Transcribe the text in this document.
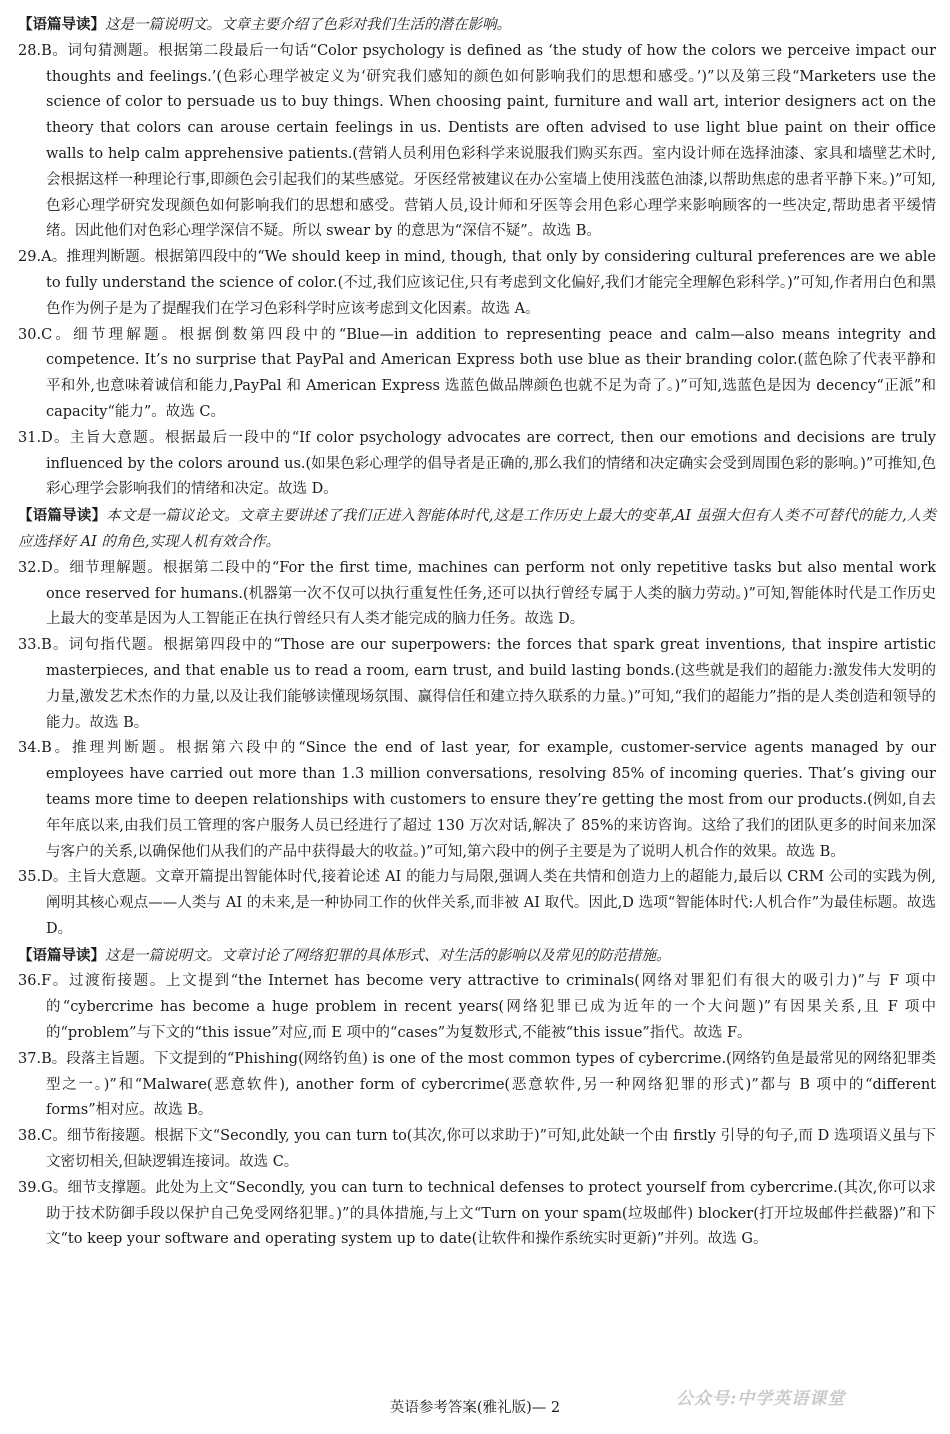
【语篇导读】这是一篇说明文。文章主要介绍了色彩对我们生活的潜在影响。

28.B。词句猜测题。根据第二段最后一句话“Color psychology is defined as ‘the study of how the colors we perceive impact our thoughts and feelings.’(色彩心理学被定义为‘研究我们感知的颜色如何影响我们的思想和感受。’)”以及第三段“Marketers use the science of color to persuade us to buy things. When choosing paint, furniture and wall art, interior designers act on the theory that colors can arouse certain feelings in us. Dentists are often advised to use light blue paint on their office walls to help calm apprehensive patients.(营销人员利用色彩科学来说服我们购买东西。室内设计师在选择油漆、家具和墙壁艺术时,会根据这样一种理论行事,即颜色会引起我们的某些感觉。牙医经常被建议在办公室墙上使用浅蓝色油漆,以帮助焦虑的患者平静下来。)”可知,色彩心理学研究发现颜色如何影响我们的思想和感受。营销人员,设计师和牙医等会用色彩心理学来影响顾客的一些决定,帮助患者平缓情绪。因此他们对色彩心理学深信不疑。所以 swear by 的意思为“深信不疑”。故选 B。

29.A。推理判断题。根据第四段中的“We should keep in mind, though, that only by considering cultural preferences are we able to fully understand the science of color.(不过,我们应该记住,只有考虑到文化偏好,我们才能完全理解色彩科学。)”可知,作者用白色和黑色作为例子是为了提醒我们在学习色彩科学时应该考虑到文化因素。故选 A。

30.C。细节理解题。根据倒数第四段中的“Blue—in addition to representing peace and calm—also means integrity and competence. It’s no surprise that PayPal and American Express both use blue as their branding color.(蓝色除了代表平静和平和外,也意味着诚信和能力,PayPal 和 American Express 选蓝色做品牌颜色也就不足为奇了。)”可知,选蓝色是因为 decency“正派”和 capacity“能力”。故选 C。

31.D。主旨大意题。根据最后一段中的“If color psychology advocates are correct, then our emotions and decisions are truly influenced by the colors around us.(如果色彩心理学的倡导者是正确的,那么我们的情绪和决定确实会受到周围色彩的影响。)”可推知,色彩心理学会影响我们的情绪和决定。故选 D。

【语篇导读】本文是一篇议论文。文章主要讲述了我们正进入智能体时代,这是工作历史上最大的变革,AI 虽强大但有人类不可替代的能力,人类应选择好 AI 的角色,实现人机有效合作。

32.D。细节理解题。根据第二段中的“For the first time, machines can perform not only repetitive tasks but also mental work once reserved for humans.(机器第一次不仅可以执行重复性任务,还可以执行曾经专属于人类的脑力劳动。)”可知,智能体时代是工作历史上最大的变革是因为人工智能正在执行曾经只有人类才能完成的脑力任务。故选 D。

33.B。词句指代题。根据第四段中的“Those are our superpowers: the forces that spark great inventions, that inspire artistic masterpieces, and that enable us to read a room, earn trust, and build lasting bonds.(这些就是我们的超能力:激发伟大发明的力量,激发艺术杰作的力量,以及让我们能够读懂现场氛围、赢得信任和建立持久联系的力量。)”可知,“我们的超能力”指的是人类创造和领导的能力。故选 B。

34.B。推理判断题。根据第六段中的“Since the end of last year, for example, customer-service agents managed by our employees have carried out more than 1.3 million conversations, resolving 85% of incoming queries. That’s giving our teams more time to deepen relationships with customers to ensure they’re getting the most from our products.(例如,自去年年底以来,由我们员工管理的客户服务人员已经进行了超过 130 万次对话,解决了 85%的来访咨询。这给了我们的团队更多的时间来加深与客户的关系,以确保他们从我们的产品中获得最大的收益。)”可知,第六段中的例子主要是为了说明人机合作的效果。故选 B。

35.D。主旨大意题。文章开篇提出智能体时代,接着论述 AI 的能力与局限,强调人类在共情和创造力上的超能力,最后以 CRM 公司的实践为例,阐明其核心观点——人类与 AI 的未来,是一种协同工作的伙伴关系,而非被 AI 取代。因此,D 选项“智能体时代:人机合作”为最佳标题。故选 D。

【语篇导读】这是一篇说明文。文章讨论了网络犯罪的具体形式、对生活的影响以及常见的防范措施。

36.F。过渡衔接题。上文提到“the Internet has become very attractive to criminals(网络对罪犯们有很大的吸引力)”与 F 项中的“cybercrime has become a huge problem in recent years(网络犯罪已成为近年的一个大问题)”有因果关系,且 F 项中的“problem”与下文的“this issue”对应,而 E 项中的“cases”为复数形式,不能被“this issue”指代。故选 F。

37.B。段落主旨题。下文提到的“Phishing(网络钓鱼) is one of the most common types of cybercrime.(网络钓鱼是最常见的网络犯罪类型之一。)”和“Malware(恶意软件), another form of cybercrime(恶意软件,另一种网络犯罪的形式)”都与 B 项中的“different forms”相对应。故选 B。

38.C。细节衔接题。根据下文“Secondly, you can turn to(其次,你可以求助于)”可知,此处缺一个由 firstly 引导的句子,而 D 选项语义虽与下文密切相关,但缺逻辑连接词。故选 C。

39.G。细节支撑题。此处为上文“Secondly, you can turn to technical defenses to protect yourself from cybercrime.(其次,你可以求助于技术防御手段以保护自己免受网络犯罪。)”的具体措施,与上文“Turn on your spam(垃圾邮件) blocker(打开垃圾邮件拦截器)”和下文“to keep your software and operating system up to date(让软件和操作系统实时更新)”并列。故选 G。

公众号:中学英语课堂
英语参考答案(雅礼版)— 2
